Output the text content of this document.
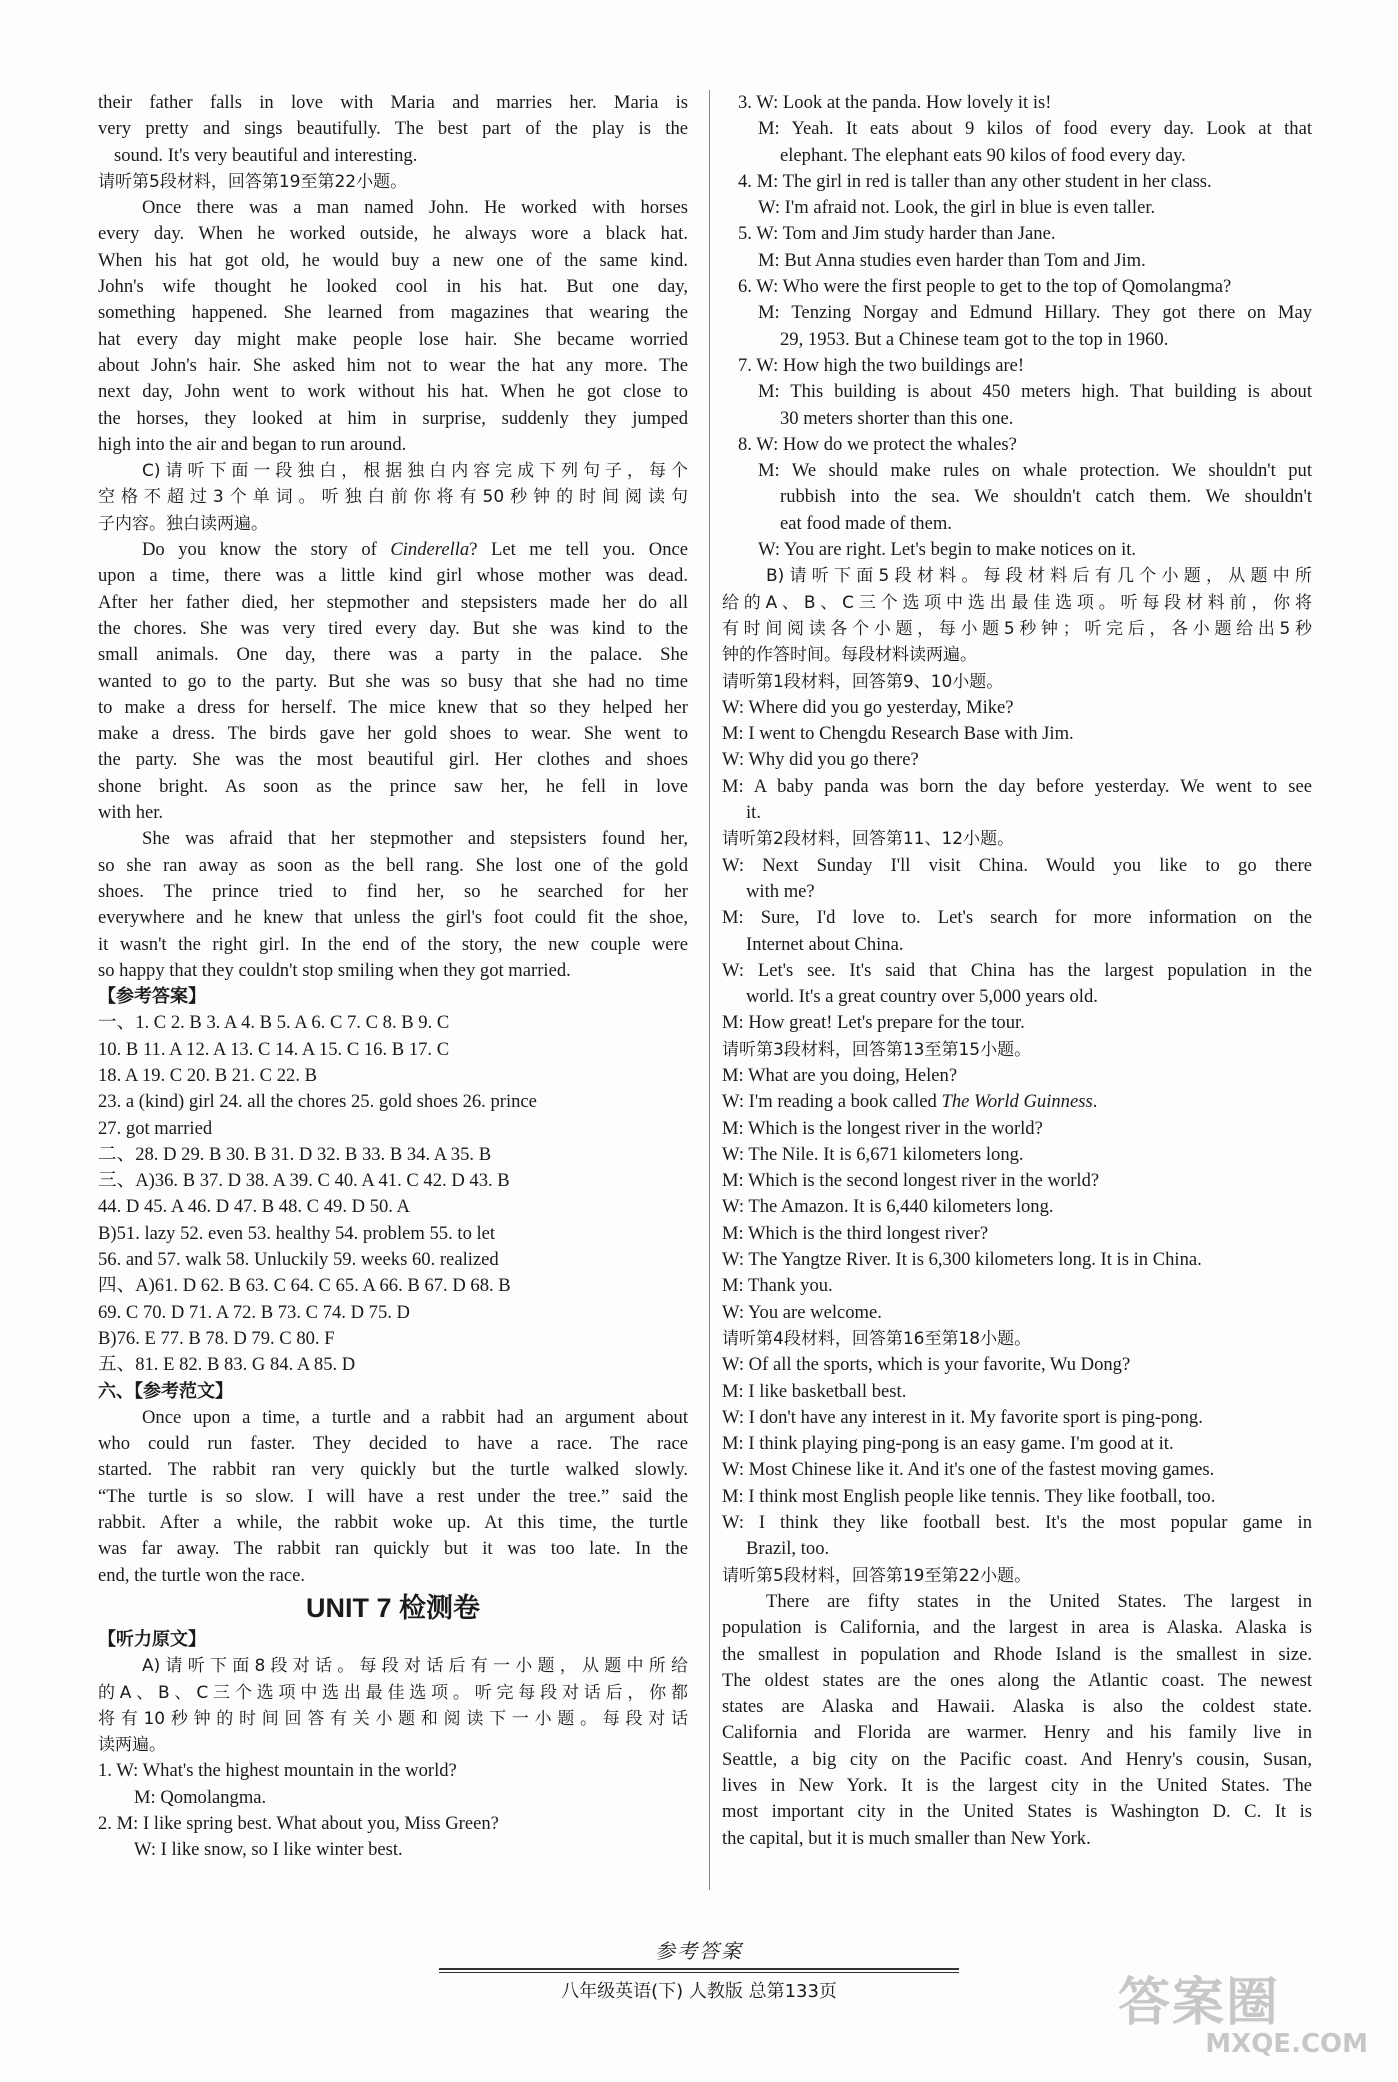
their father falls in love with Maria and marries her. Maria is
very pretty and sings beautifully. The best part of the play is the
sound. It's very beautiful and interesting.
请听第5段材料，回答第19至第22小题。
Once there was a man named John. He worked with horses
every day. When he worked outside, he always wore a black hat.
When his hat got old, he would buy a new one of the same kind.
John's wife thought he looked cool in his hat. But one day,
something happened. She learned from magazines that wearing the
hat every day might make people lose hair. She became worried
about John's hair. She asked him not to wear the hat any more. The
next day, John went to work without his hat. When he got close to
the horses, they looked at him in surprise, suddenly they jumped
high into the air and began to run around.
C)请听下面一段独白，根据独白内容完成下列句子，每个
空格不超过3个单词。听独白前你将有50秒钟的时间阅读句
子内容。独白读两遍。
Do you know the story of Cinderella? Let me tell you. Once
upon a time, there was a little kind girl whose mother was dead.
After her father died, her stepmother and stepsisters made her do all
the chores. She was very tired every day. But she was kind to the
small animals. One day, there was a party in the palace. She
wanted to go to the party. But she was so busy that she had no time
to make a dress for herself. The mice knew that so they helped her
make a dress. The birds gave her gold shoes to wear. She went to
the party. She was the most beautiful girl. Her clothes and shoes
shone bright. As soon as the prince saw her, he fell in love
with her.
She was afraid that her stepmother and stepsisters found her,
so she ran away as soon as the bell rang. She lost one of the gold
shoes. The prince tried to find her, so he searched for her
everywhere and he knew that unless the girl's foot could fit the shoe,
it wasn't the right girl. In the end of the story, the new couple were
so happy that they couldn't stop smiling when they got married.
【参考答案】
一、1. C 2. B 3. A 4. B 5. A 6. C 7. C 8. B 9. C
10. B 11. A 12. A 13. C 14. A 15. C 16. B 17. C
18. A 19. C 20. B 21. C 22. B
23. a (kind) girl 24. all the chores 25. gold shoes 26. prince
27. got married
二、28. D 29. B 30. B 31. D 32. B 33. B 34. A 35. B
三、A)36. B 37. D 38. A 39. C 40. A 41. C 42. D 43. B
44. D 45. A 46. D 47. B 48. C 49. D 50. A
B)51. lazy 52. even 53. healthy 54. problem 55. to let
56. and 57. walk 58. Unluckily 59. weeks 60. realized
四、A)61. D 62. B 63. C 64. C 65. A 66. B 67. D 68. B
69. C 70. D 71. A 72. B 73. C 74. D 75. D
B)76. E 77. B 78. D 79. C 80. F
五、81. E 82. B 83. G 84. A 85. D
六、【参考范文】
Once upon a time, a turtle and a rabbit had an argument about
who could run faster. They decided to have a race. The race
started. The rabbit ran very quickly but the turtle walked slowly.
“The turtle is so slow. I will have a rest under the tree.” said the
rabbit. After a while, the rabbit woke up. At this time, the turtle
was far away. The rabbit ran quickly but it was too late. In the
end, the turtle won the race.
UNIT 7 检测卷
【听力原文】
A)请听下面8段对话。每段对话后有一小题，从题中所给
的A、B、C三个选项中选出最佳选项。听完每段对话后，你都
将有10秒钟的时间回答有关小题和阅读下一小题。每段对话
读两遍。
1. W: What's the highest mountain in the world?
M: Qomolangma.
2. M: I like spring best. What about you, Miss Green?
W: I like snow, so I like winter best.
3. W: Look at the panda. How lovely it is!
M: Yeah. It eats about 9 kilos of food every day. Look at that
elephant. The elephant eats 90 kilos of food every day.
4. M: The girl in red is taller than any other student in her class.
W: I'm afraid not. Look, the girl in blue is even taller.
5. W: Tom and Jim study harder than Jane.
M: But Anna studies even harder than Tom and Jim.
6. W: Who were the first people to get to the top of Qomolangma?
M: Tenzing Norgay and Edmund Hillary. They got there on May
29, 1953. But a Chinese team got to the top in 1960.
7. W: How high the two buildings are!
M: This building is about 450 meters high. That building is about
30 meters shorter than this one.
8. W: How do we protect the whales?
M: We should make rules on whale protection. We shouldn't put
rubbish into the sea. We shouldn't catch them. We shouldn't
eat food made of them.
W: You are right. Let's begin to make notices on it.
B)请听下面5段材料。每段材料后有几个小题，从题中所
给的A、B、C三个选项中选出最佳选项。听每段材料前，你将
有时间阅读各个小题，每小题5秒钟；听完后，各小题给出5秒
钟的作答时间。每段材料读两遍。
请听第1段材料，回答第9、10小题。
W: Where did you go yesterday, Mike?
M: I went to Chengdu Research Base with Jim.
W: Why did you go there?
M: A baby panda was born the day before yesterday. We went to see
it.
请听第2段材料，回答第11、12小题。
W: Next Sunday I'll visit China. Would you like to go there
with me?
M: Sure, I'd love to. Let's search for more information on the
Internet about China.
W: Let's see. It's said that China has the largest population in the
world. It's a great country over 5,000 years old.
M: How great! Let's prepare for the tour.
请听第3段材料，回答第13至第15小题。
M: What are you doing, Helen?
W: I'm reading a book called The World Guinness.
M: Which is the longest river in the world?
W: The Nile. It is 6,671 kilometers long.
M: Which is the second longest river in the world?
W: The Amazon. It is 6,440 kilometers long.
M: Which is the third longest river?
W: The Yangtze River. It is 6,300 kilometers long. It is in China.
M: Thank you.
W: You are welcome.
请听第4段材料，回答第16至第18小题。
W: Of all the sports, which is your favorite, Wu Dong?
M: I like basketball best.
W: I don't have any interest in it. My favorite sport is ping-pong.
M: I think playing ping-pong is an easy game. I'm good at it.
W: Most Chinese like it. And it's one of the fastest moving games.
M: I think most English people like tennis. They like football, too.
W: I think they like football best. It's the most popular game in
Brazil, too.
请听第5段材料，回答第19至第22小题。
There are fifty states in the United States. The largest in
population is California, and the largest in area is Alaska. Alaska is
the smallest in population and Rhode Island is the smallest in size.
The oldest states are the ones along the Atlantic coast. The newest
states are Alaska and Hawaii. Alaska is also the coldest state.
California and Florida are warmer. Henry and his family live in
Seattle, a big city on the Pacific coast. And Henry's cousin, Susan,
lives in New York. It is the largest city in the United States. The
most important city in the United States is Washington D. C. It is
the capital, but it is much smaller than New York.
参考答案
八年级英语(下) 人教版 总第133页	答案圈
MXQE.COM
